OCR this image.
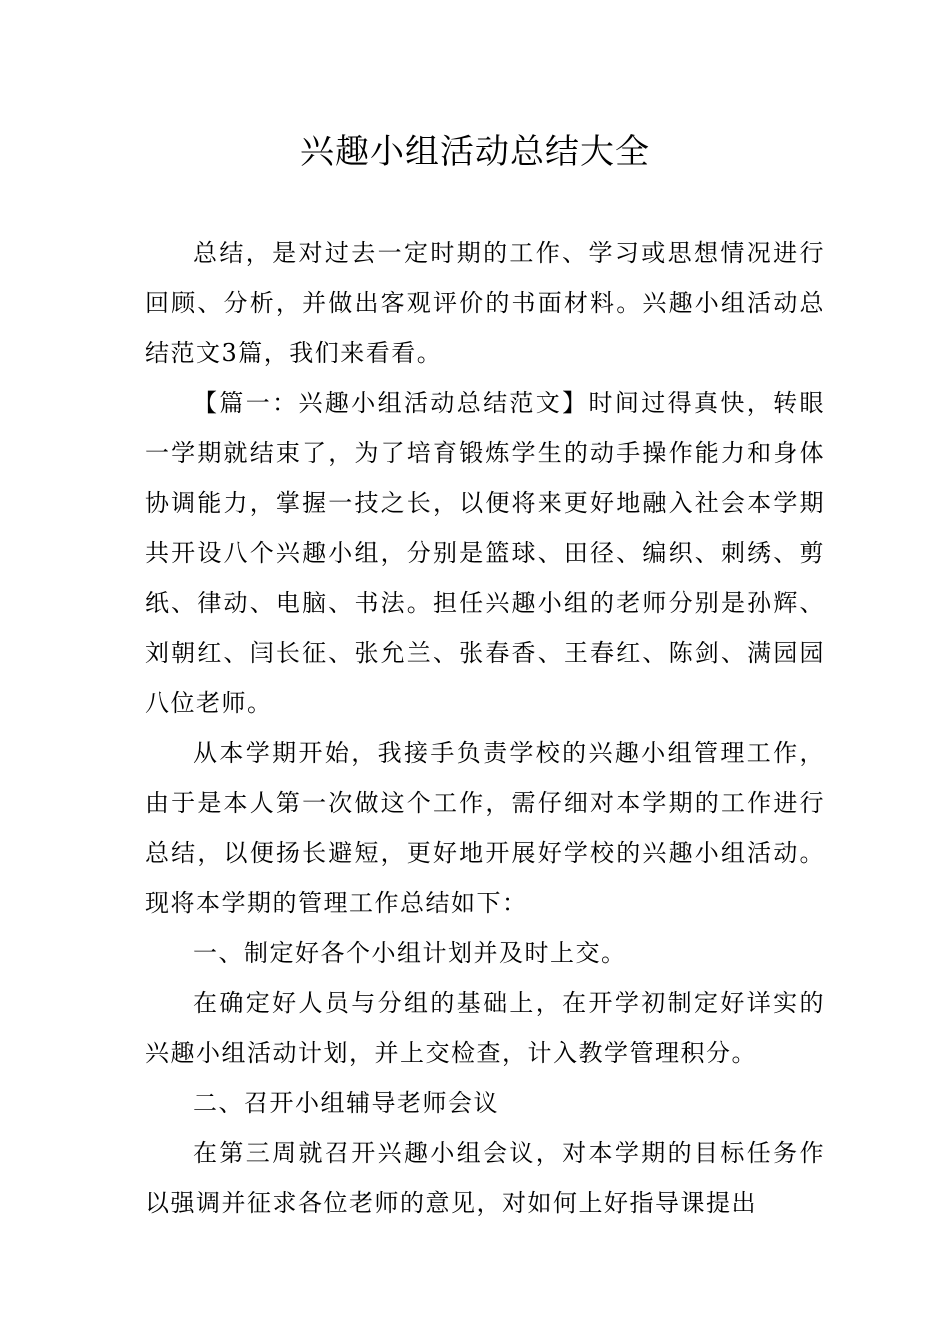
兴趣小组活动总结大全

总结，是对过去一定时期的工作、学习或思想情况进行回顾、分析，并做出客观评价的书面材料。兴趣小组活动总结范文3篇，我们来看看。

【篇一：兴趣小组活动总结范文】时间过得真快，转眼一学期就结束了，为了培育锻炼学生的动手操作能力和身体协调能力，掌握一技之长，以便将来更好地融入社会本学期共开设八个兴趣小组，分别是篮球、田径、编织、刺绣、剪纸、律动、电脑、书法。担任兴趣小组的老师分别是孙辉、刘朝红、闫长征、张允兰、张春香、王春红、陈剑、满园园八位老师。

从本学期开始，我接手负责学校的兴趣小组管理工作，由于是本人第一次做这个工作，需仔细对本学期的工作进行总结，以便扬长避短，更好地开展好学校的兴趣小组活动。现将本学期的管理工作总结如下：

一、制定好各个小组计划并及时上交。

在确定好人员与分组的基础上，在开学初制定好详实的兴趣小组活动计划，并上交检查，计入教学管理积分。

二、召开小组辅导老师会议

在第三周就召开兴趣小组会议，对本学期的目标任务作以强调并征求各位老师的意见，对如何上好指导课提出
